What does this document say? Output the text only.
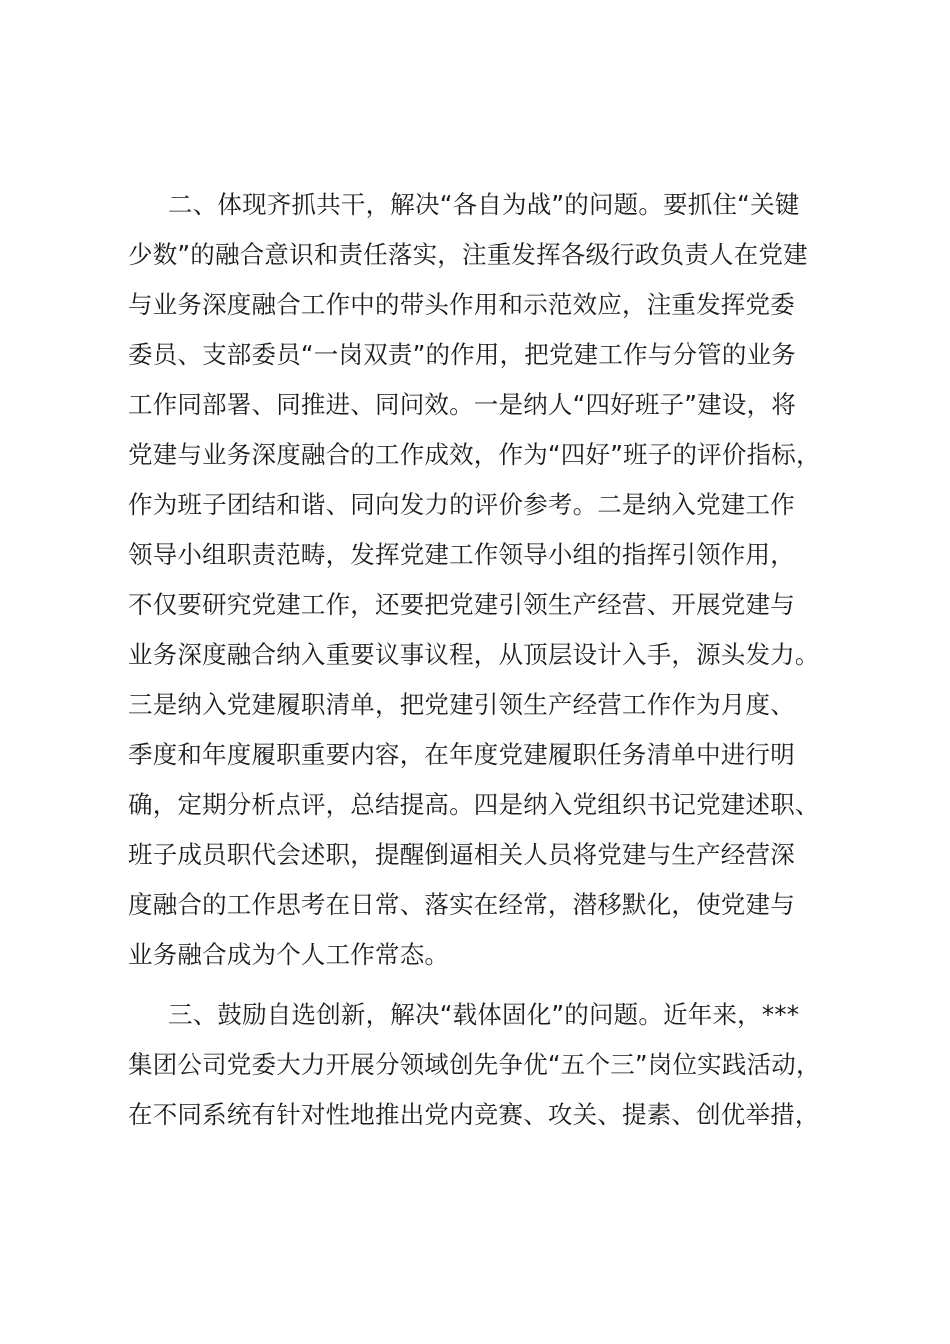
二、体现齐抓共干，解决“各自为战”的问题。要抓住“关键
少数”的融合意识和责任落实，注重发挥各级行政负责人在党建
与业务深度融合工作中的带头作用和示范效应，注重发挥党委
委员、支部委员“一岗双责”的作用，把党建工作与分管的业务
工作同部署、同推进、同问效。一是纳人“四好班子”建设，将
党建与业务深度融合的工作成效，作为“四好”班子的评价指标，
作为班子团结和谐、同向发力的评价参考。二是纳入党建工作
领导小组职责范畴，发挥党建工作领导小组的指挥引领作用，
不仅要研究党建工作，还要把党建引领生产经营、开展党建与
业务深度融合纳入重要议事议程，从顶层设计入手，源头发力。
三是纳入党建履职清单，把党建引领生产经营工作作为月度、
季度和年度履职重要内容，在年度党建履职任务清单中进行明
确，定期分析点评，总结提高。四是纳入党组织书记党建述职、
班子成员职代会述职，提醒倒逼相关人员将党建与生产经营深
度融合的工作思考在日常、落实在经常，潜移默化，使党建与
业务融合成为个人工作常态。
三、鼓励自选创新，解决“载体固化”的问题。近年来，***
集团公司党委大力开展分领域创先争优“五个三”岗位实践活动，
在不同系统有针对性地推出党内竞赛、攻关、提素、创优举措，
